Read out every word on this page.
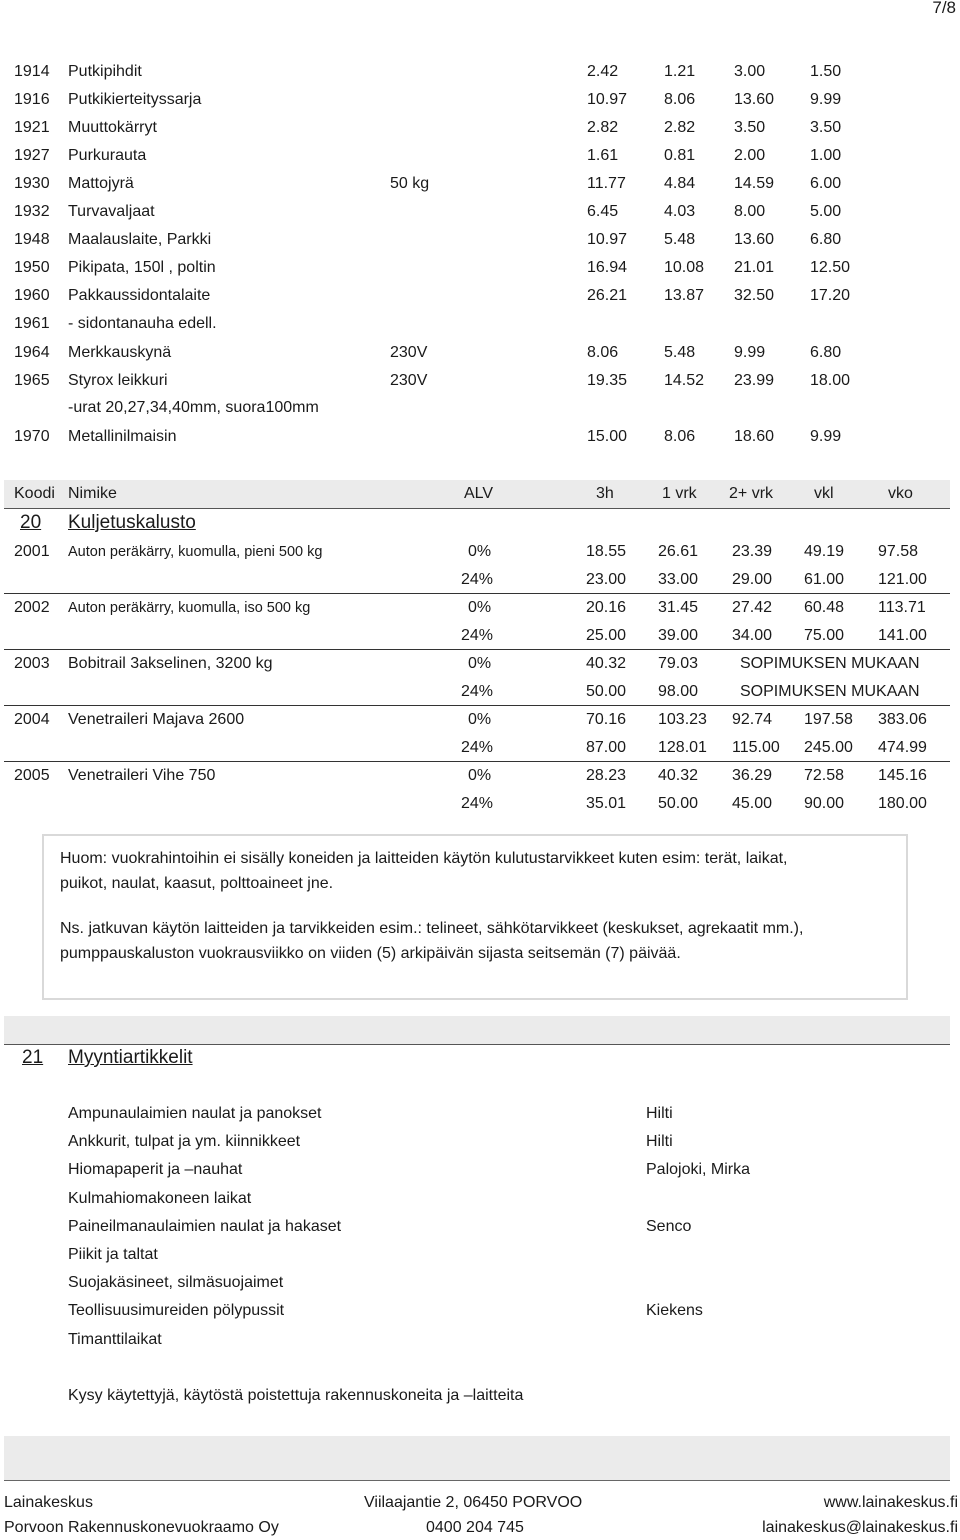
7/8
1914 Putkipihdit	2.42	1.21 3.00	1.50
1916 Putkikierteityssarja	10.97 8.06 13.60 9.99
1921 Muuttokärryt	2.82	2.82 3.50	3.50
1927 Purkurauta	1.61	0.81 2.00	1.00
1930 Mattojyrä	50 kg	11.77 4.84 14.59 6.00
1932 Turvavaljaat	6.45	4.03 8.00	5.00
1948 Maalauslaite, Parkki	10.97 5.48 13.60 6.80
1950 Pikipata, 150l , poltin	16.94 10.08 21.01 12.50
1960 Pakkaussidontalaite	26.21 13.87 32.50 17.20
1961 - sidontanauha edell.
1964 Merkkauskynä	230V	8.06	5.48 9.99	6.80
1965 Styrox leikkuri	230V	19.35 14.52 23.99 18.00
-urat 20,27,34,40mm, suora100mm
1970 Metallinilmaisin	15.00 8.06 18.60 9.99
Koodi Nimike	ALV	3h	1 vrk 2+ vrk	vkl	vko
20 Kuljetuskalusto
2001 Auton peräkärry, kuomulla, pieni 500 kg	0%	18.55 26.61 23.39 49.19 97.58
24%	23.00 33.00 29.00 61.00 121.00
2002 Auton peräkärry, kuomulla, iso 500 kg	0%	20.16 31.45 27.42 60.48 113.71
24%	25.00 39.00 34.00 75.00 141.00
2003 Bobitrail 3akselinen, 3200 kg	0%	40.32 79.03	SOPIMUKSEN MUKAAN
24%	50.00 98.00	SOPIMUKSEN MUKAAN
2004 Venetraileri Majava 2600	0%	70.16 103.23 92.74 197.58 383.06
24%	87.00 128.01 115.00 245.00 474.99
2005 Venetraileri Vihe 750	0%	28.23 40.32 36.29 72.58 145.16
24%	35.01 50.00 45.00 90.00 180.00

Huom: vuokrahintoihin ei sisälly koneiden ja laitteiden käytön kulutustarvikkeet kuten esim: terät, laikat,

puikot, naulat, kaasut, polttoaineet jne.

Ns. jatkuvan käytön laitteiden ja tarvikkeiden esim.: telineet, sähkötarvikkeet (keskukset, agrekaatit mm.),

pumppauskaluston vuokrausviikko on viiden (5) arkipäivän sijasta seitsemän (7) päivää.

21 Myyntiartikkelit
Ampunaulaimien naulat ja panokset	Hilti
Ankkurit, tulpat ja ym. kiinnikkeet	Hilti
Hiomapaperit ja –nauhat	Palojoki, Mirka
Kulmahiomakoneen laikat
Paineilmanaulaimien naulat ja hakaset	Senco
Piikit ja taltat
Suojakäsineet, silmäsuojaimet
Teollisuusimureiden pölypussit	Kiekens
Timanttilaikat
Kysy käytettyjä, käytöstä poistettuja rakennuskoneita ja –laitteita
Lainakeskus	Viilaajantie 2, 06450 PORVOO	www.lainakeskus.fi
Porvoon Rakennuskonevuokraamo Oy	0400 204 745	lainakeskus@lainakeskus.fi
